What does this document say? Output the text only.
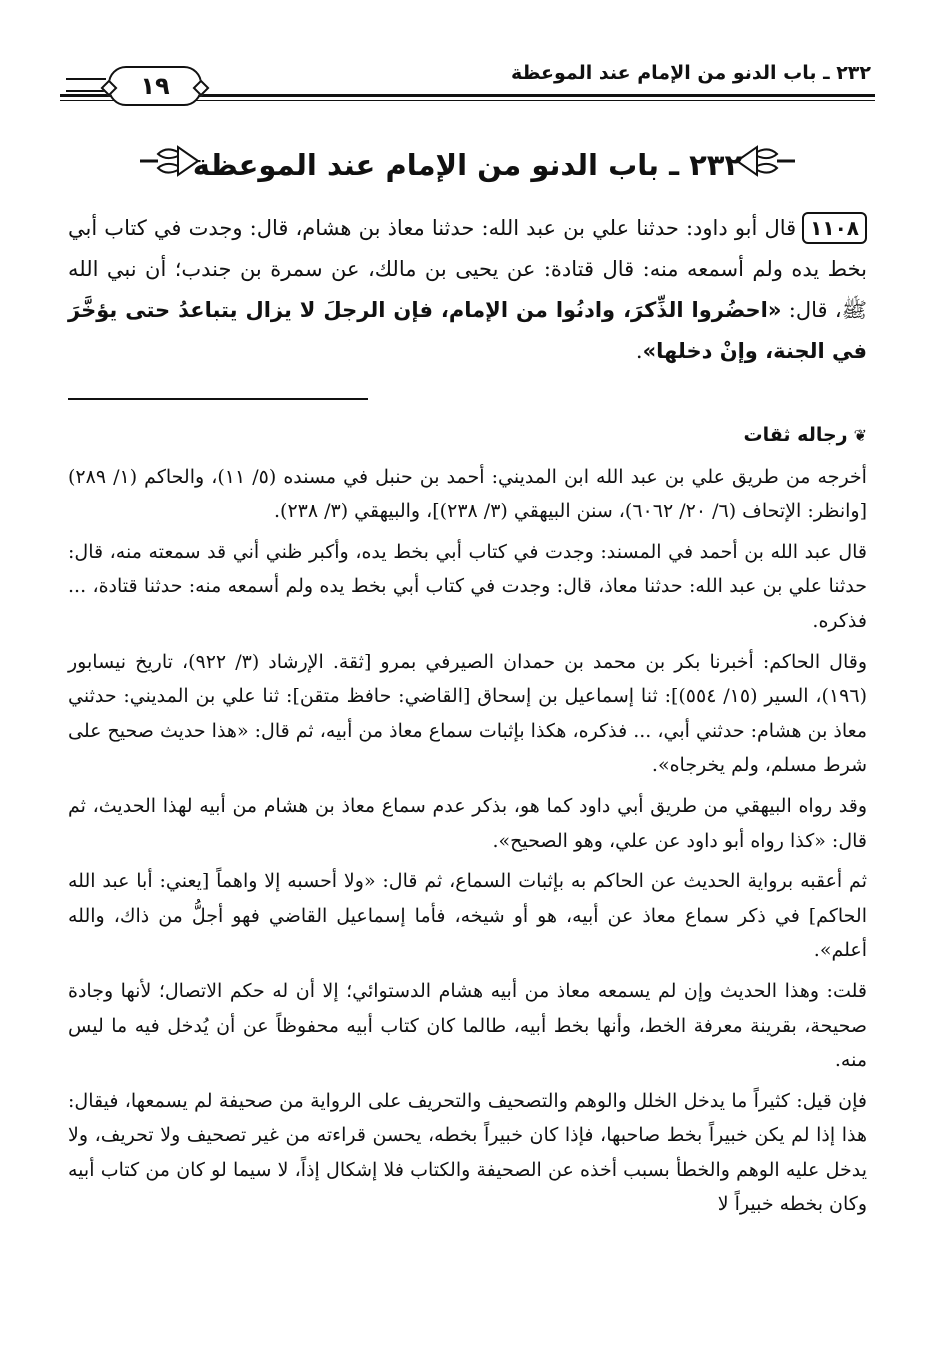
٢٣٢ ـ باب الدنو من الإمام عند الموعظة
١٩
٢٣٢ ـ باب الدنو من الإمام عند الموعظة
١١٠٨قال أبو داود: حدثنا علي بن عبد الله: حدثنا معاذ بن هشام، قال: وجدت في كتاب أبي بخط يده ولم أسمعه منه: قال قتادة: عن يحيى بن مالك، عن سمرة بن جندب؛ أن نبي الله ﷺ، قال: «احضُروا الذِّكرَ، وادنُوا من الإمام، فإن الرجلَ لا يزال يتباعدُ حتى يؤخَّرَ في الجنة، وإنْ دخلها».

❦رجاله ثقات

أخرجه من طريق علي بن عبد الله ابن المديني: أحمد بن حنبل في مسنده (٥/ ١١)، والحاكم (١/ ٢٨٩) [وانظر: الإتحاف (٦/ ٢٠/ ٦٠٦٢)، سنن البيهقي (٣/ ٢٣٨)]، والبيهقي (٣/ ٢٣٨).

قال عبد الله بن أحمد في المسند: وجدت في كتاب أبي بخط يده، وأكبر ظني أني قد سمعته منه، قال: حدثنا علي بن عبد الله: حدثنا معاذ، قال: وجدت في كتاب أبي بخط يده ولم أسمعه منه: حدثنا قتادة، ... فذكره.

وقال الحاكم: أخبرنا بكر بن محمد بن حمدان الصيرفي بمرو [ثقة. الإرشاد (٣/ ٩٢٢)، تاريخ نيسابور (١٩٦)، السير (١٥/ ٥٥٤)]: ثنا إسماعيل بن إسحاق [القاضي: حافظ متقن]: ثنا علي بن المديني: حدثني معاذ بن هشام: حدثني أبي، ... فذكره، هكذا بإثبات سماع معاذ من أبيه، ثم قال: «هذا حديث صحيح على شرط مسلم، ولم يخرجاه».

وقد رواه البيهقي من طريق أبي داود كما هو، بذكر عدم سماع معاذ بن هشام من أبيه لهذا الحديث، ثم قال: «كذا رواه أبو داود عن علي، وهو الصحيح».

ثم أعقبه برواية الحديث عن الحاكم به بإثبات السماع، ثم قال: «ولا أحسبه إلا واهماً [يعني: أبا عبد الله الحاكم] في ذكر سماع معاذ عن أبيه، هو أو شيخه، فأما إسماعيل القاضي فهو أجلُّ من ذاك، والله أعلم».

قلت: وهذا الحديث وإن لم يسمعه معاذ من أبيه هشام الدستوائي؛ إلا أن له حكم الاتصال؛ لأنها وجادة صحيحة، بقرينة معرفة الخط، وأنها بخط أبيه، طالما كان كتاب أبيه محفوظاً عن أن يُدخل فيه ما ليس منه.

فإن قيل: كثيراً ما يدخل الخلل والوهم والتصحيف والتحريف على الرواية من صحيفة لم يسمعها، فيقال: هذا إذا لم يكن خبيراً بخط صاحبها، فإذا كان خبيراً بخطه، يحسن قراءته من غير تصحيف ولا تحريف، ولا يدخل عليه الوهم والخطأ بسبب أخذه عن الصحيفة والكتاب فلا إشكال إذاً، لا سيما لو كان من كتاب أبيه وكان بخطه خبيراً لا
